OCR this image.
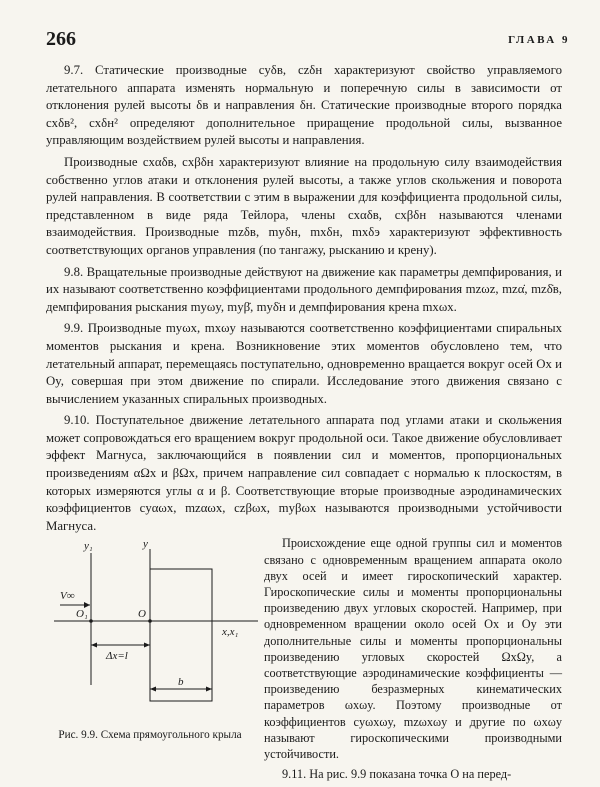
266	ГЛАВА 9

9.7. Статические производные cyδв, czδн характеризуют свойство управляемого летательного аппарата изменять нормальную и поперечную силы в зависимости от отклонения рулей высоты δв и направления δн. Статические производные второго порядка cxδв², cxδн² определяют дополнительное приращение продольной силы, вызванное управляющим воздействием рулей высоты и направления.

Производные cxαδв, cxβδн характеризуют влияние на продольную силу взаимодействия собственно углов атаки и отклонения рулей высоты, а также углов скольжения и поворота рулей направления. В соответствии с этим в выражении для коэффициента продольной силы, представленном в виде ряда Тейлора, члены cxαδв, cxβδн называются членами взаимодействия. Производные mzδв, myδн, mxδн, mxδэ характеризуют эффективность соответствующих органов управления (по тангажу, рысканию и крену).

9.8. Вращательные производные действуют на движение как параметры демпфирования, и их называют соответственно коэффициентами продольного демпфирования mzωz, mzα̇, mzδ̇в, демпфирования рыскания myωy, myβ̇, myδ̇н и демпфирования крена mxωx.

9.9. Производные myωx, mxωy называются соответственно коэффициентами спиральных моментов рыскания и крена. Возникновение этих моментов обусловлено тем, что летательный аппарат, перемещаясь поступательно, одновременно вращается вокруг осей Ox и Oy, совершая при этом движение по спирали. Исследование этого движения связано с вычислением указанных спиральных производных.

9.10. Поступательное движение летательного аппарата под углами атаки и скольжения может сопровождаться его вращением вокруг продольной оси. Такое движение обусловливает эффект Магнуса, заключающийся в появлении сил и моментов, пропорциональных произведениям αΩx и βΩx, причем направление сил совпадает с нормалью к плоскостям, в которых измеряются углы α и β. Соответствующие вторые производные аэродинамических коэффициентов cyαωx, mzαωx, czβωx, myβωx называются производными устойчивости Магнуса.

y₁	y
O₁	O
x,x₁
V∞
Δx=l
b
Рис. 9.9. Схема прямоугольного крыла

Происхождение еще одной группы сил и моментов связано с одновременным вращением аппарата около двух осей и имеет гироскопический характер. Гироскопические силы и моменты пропорциональны произведению двух угловых скоростей. Например, при одновременном вращении около осей Ox и Oy эти дополнительные силы и моменты пропорциональны произведению угловых скоростей ΩxΩy, а соответствующие аэродинамические коэффициенты — произведению безразмерных кинематических параметров ωxωy. Поэтому производные от коэффициентов cyωxωy, mzωxωy и другие по ωxωy называют гироскопическими производными устойчивости.

9.11. На рис. 9.9 показана точка O на перед-
